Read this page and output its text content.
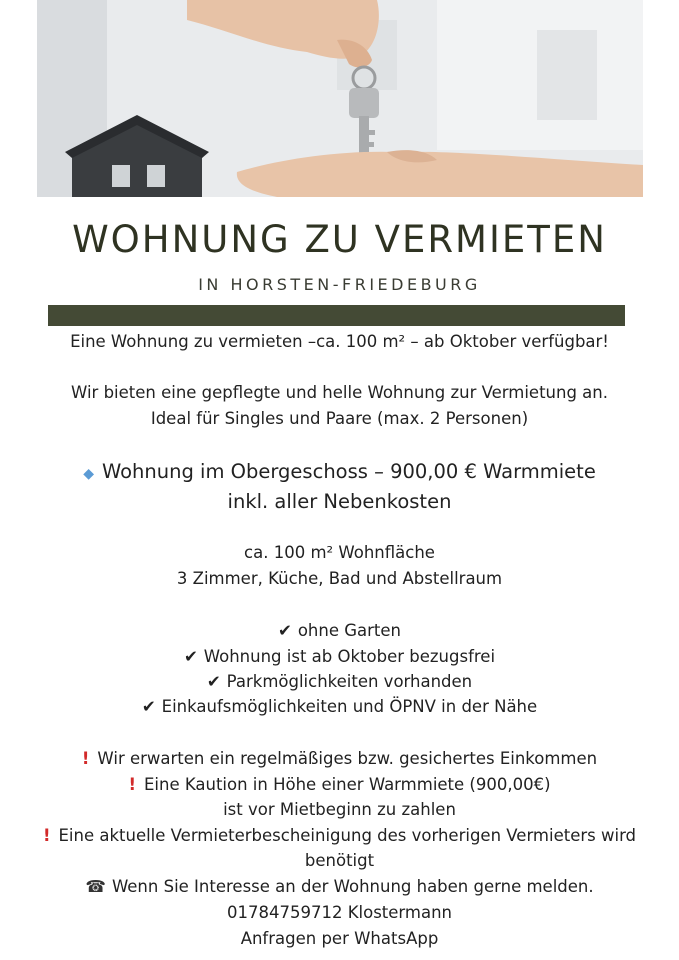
WOHNUNG ZU VERMIETEN
IN HORSTEN-FRIEDEBURG
Eine Wohnung zu vermieten –ca. 100 m² – ab Oktober verfügbar!
Wir bieten eine gepflegte und helle Wohnung zur Vermietung an.
Ideal für Singles und Paare (max. 2 Personen)
◆ Wohnung im Obergeschoss – 900,00 € Warmmiete
inkl. aller Nebenkosten
ca. 100 m² Wohnfläche
3 Zimmer, Küche, Bad und Abstellraum
✔ ohne Garten
✔ Wohnung ist ab Oktober bezugsfrei
✔ Parkmöglichkeiten vorhanden
✔ Einkaufsmöglichkeiten und ÖPNV in der Nähe
! Wir erwarten ein regelmäßiges bzw. gesichertes Einkommen
! Eine Kaution in Höhe einer Warmmiete (900,00€)
ist vor Mietbeginn zu zahlen
! Eine aktuelle Vermieterbescheinigung des vorherigen Vermieters wird
benötigt
☎ Wenn Sie Interesse an der Wohnung haben gerne melden.
01784759712 Klostermann
Anfragen per WhatsApp
